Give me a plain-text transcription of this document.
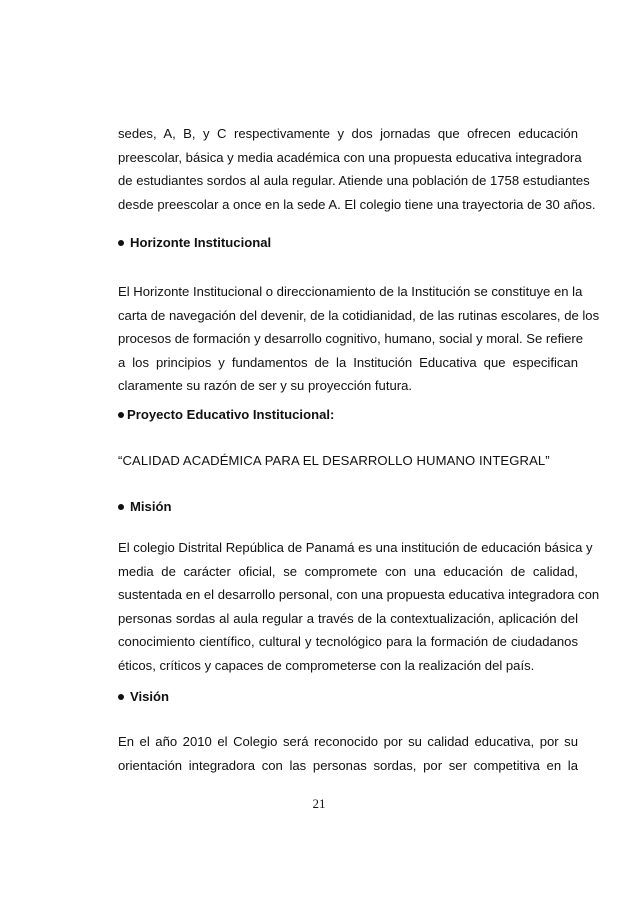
sedes, A, B, y C respectivamente y dos jornadas que ofrecen educación
preescolar, básica y media académica con una propuesta educativa integradora
de estudiantes sordos al aula regular. Atiende una población de 1758 estudiantes
desde preescolar a once en la sede A. El colegio tiene una trayectoria de 30 años.

Horizonte Institucional

El Horizonte Institucional o direccionamiento de la Institución se constituye en la
carta de navegación del devenir, de la cotidianidad, de las rutinas escolares, de los
procesos de formación y desarrollo cognitivo, humano, social y moral. Se refiere
a los principios y fundamentos de la Institución Educativa que especifican
claramente su razón de ser y su proyección futura.

Proyecto Educativo Institucional:

“CALIDAD ACADÉMICA PARA EL DESARROLLO HUMANO INTEGRAL”

Misión

El colegio Distrital República de Panamá es una institución de educación básica y
media de carácter oficial, se compromete con una educación de calidad,
sustentada en el desarrollo personal, con una propuesta educativa integradora con
personas sordas al aula regular a través de la contextualización, aplicación del
conocimiento científico, cultural y tecnológico para la formación de ciudadanos
éticos, críticos y capaces de comprometerse con la realización del país.

Visión

En el año 2010 el Colegio será reconocido por su calidad educativa, por su
orientación integradora con las personas sordas, por ser competitiva en la

21
